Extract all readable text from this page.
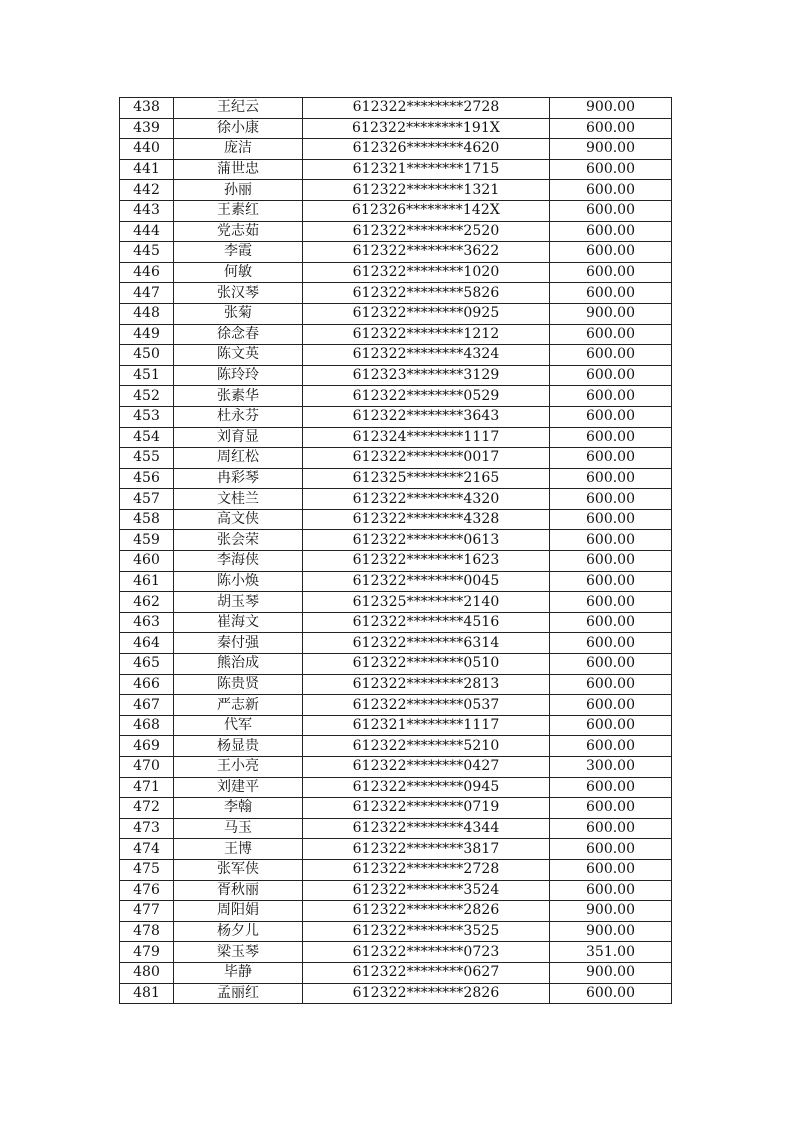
438	王纪云	612322********2728	900.00
439	徐小康	612322********191X	600.00
440	庞洁	612326********4620	900.00
441	蒲世忠	612321********1715	600.00
442	孙丽	612322********1321	600.00
443	王素红	612326********142X	600.00
444	党志茹	612322********2520	600.00
445	李霞	612322********3622	600.00
446	何敏	612322********1020	600.00
447	张汉琴	612322********5826	600.00
448	张菊	612322********0925	900.00
449	徐念春	612322********1212	600.00
450	陈文英	612322********4324	600.00
451	陈玲玲	612323********3129	600.00
452	张素华	612322********0529	600.00
453	杜永芬	612322********3643	600.00
454	刘育显	612324********1117	600.00
455	周红松	612322********0017	600.00
456	冉彩琴	612325********2165	600.00
457	文桂兰	612322********4320	600.00
458	高文侠	612322********4328	600.00
459	张会荣	612322********0613	600.00
460	李海侠	612322********1623	600.00
461	陈小焕	612322********0045	600.00
462	胡玉琴	612325********2140	600.00
463	崔海文	612322********4516	600.00
464	秦付强	612322********6314	600.00
465	熊治成	612322********0510	600.00
466	陈贵贤	612322********2813	600.00
467	严志新	612322********0537	600.00
468	代军	612321********1117	600.00
469	杨显贵	612322********5210	600.00
470	王小亮	612322********0427	300.00
471	刘建平	612322********0945	600.00
472	李翰	612322********0719	600.00
473	马玉	612322********4344	600.00
474	王博	612322********3817	600.00
475	张军侠	612322********2728	600.00
476	胥秋丽	612322********3524	600.00
477	周阳娟	612322********2826	900.00
478	杨夕儿	612322********3525	900.00
479	梁玉琴	612322********0723	351.00
480	毕静	612322********0627	900.00
481	孟丽红	612322********2826	600.00
